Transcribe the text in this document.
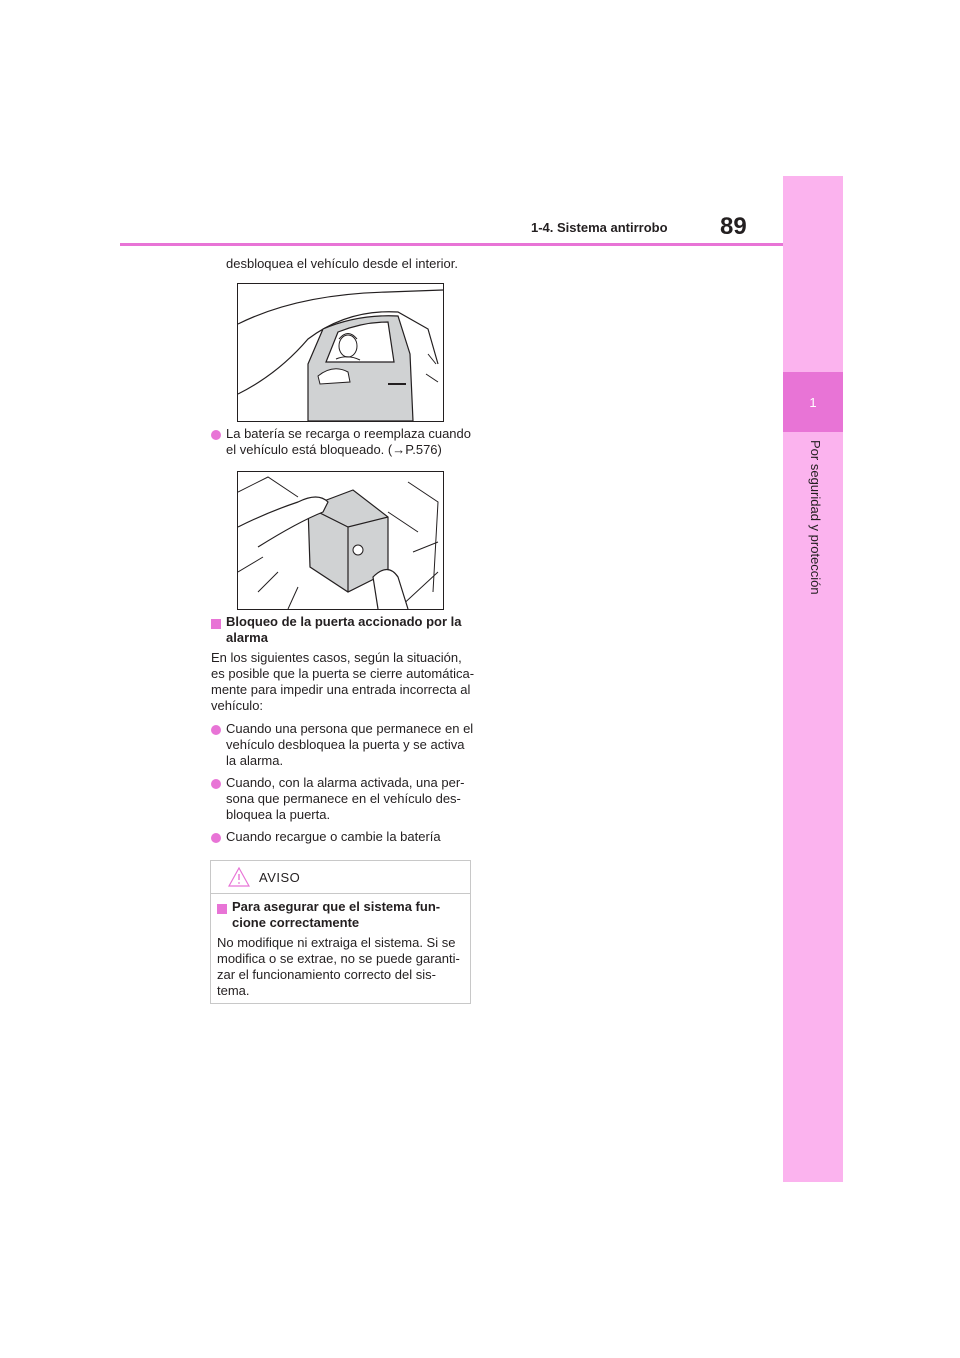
1
Por seguridad y protección
1-4. Sistema antirrobo 89
desbloquea el vehículo desde el interior.
La batería se recarga o reemplaza cuando
el vehículo está bloqueado. (→P.576)
Bloqueo de la puerta accionado por la
alarma
En los siguientes casos, según la situación,
es posible que la puerta se cierre automática-
mente para impedir una entrada incorrecta al
vehículo:
Cuando una persona que permanece en el
vehículo desbloquea la puerta y se activa
la alarma.
Cuando, con la alarma activada, una per-
sona que permanece en el vehículo des-
bloquea la puerta.
Cuando recargue o cambie la batería
AVISO
Para asegurar que el sistema fun-
cione correctamente
No modifique ni extraiga el sistema. Si se
modifica o se extrae, no se puede garanti-
zar el funcionamiento correcto del sis-
tema.
